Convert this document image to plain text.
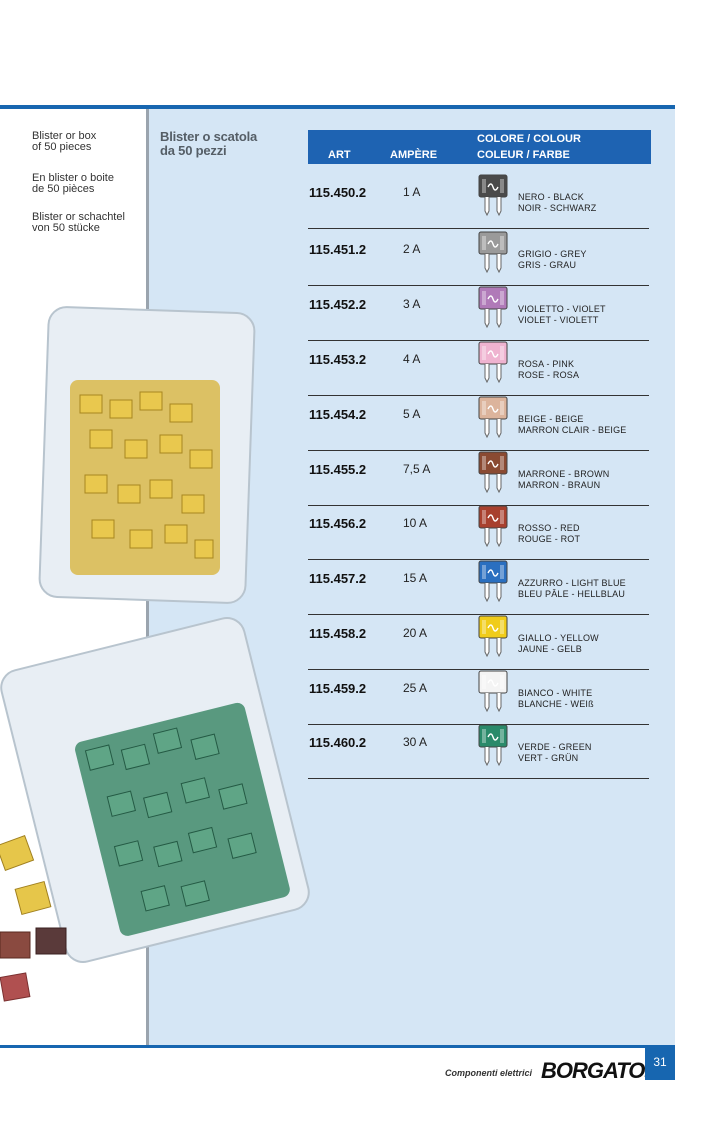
Blister or box
of 50 pieces
En blister o boite
de 50 pièces
Blister or schachtel
von 50 stücke
Blister o scatola
da 50 pezzi	ART	AMPÈRE
COLORE / COLOUR
COLEUR / FARBE
115.450.2	1 A	NERO - BLACK
NOIR - SCHWARZ
115.451.2	2 A	GRIGIO - GREY
GRIS - GRAU
115.452.2	3 A	VIOLETTO - VIOLET
VIOLET - VIOLETT
115.453.2	4 A	ROSA - PINK
ROSE - ROSA
115.454.2	5 A	BEIGE - BEIGE
MARRON CLAIR - BEIGE
115.455.2	7,5 A	MARRONE - BROWN
MARRON - BRAUN
115.456.2	10 A	ROSSO - RED
ROUGE - ROT
115.457.2	15 A	AZZURRO - LIGHT BLUE
BLEU PÂLE - HELLBLAU
115.458.2	20 A	GIALLO - YELLOW
JAUNE - GELB
115.459.2	25 A	BIANCO - WHITE
BLANCHE - WEIß
115.460.2	30 A	VERDE - GREEN
VERT - GRÜN
Componenti elettrici BORGATO 31
